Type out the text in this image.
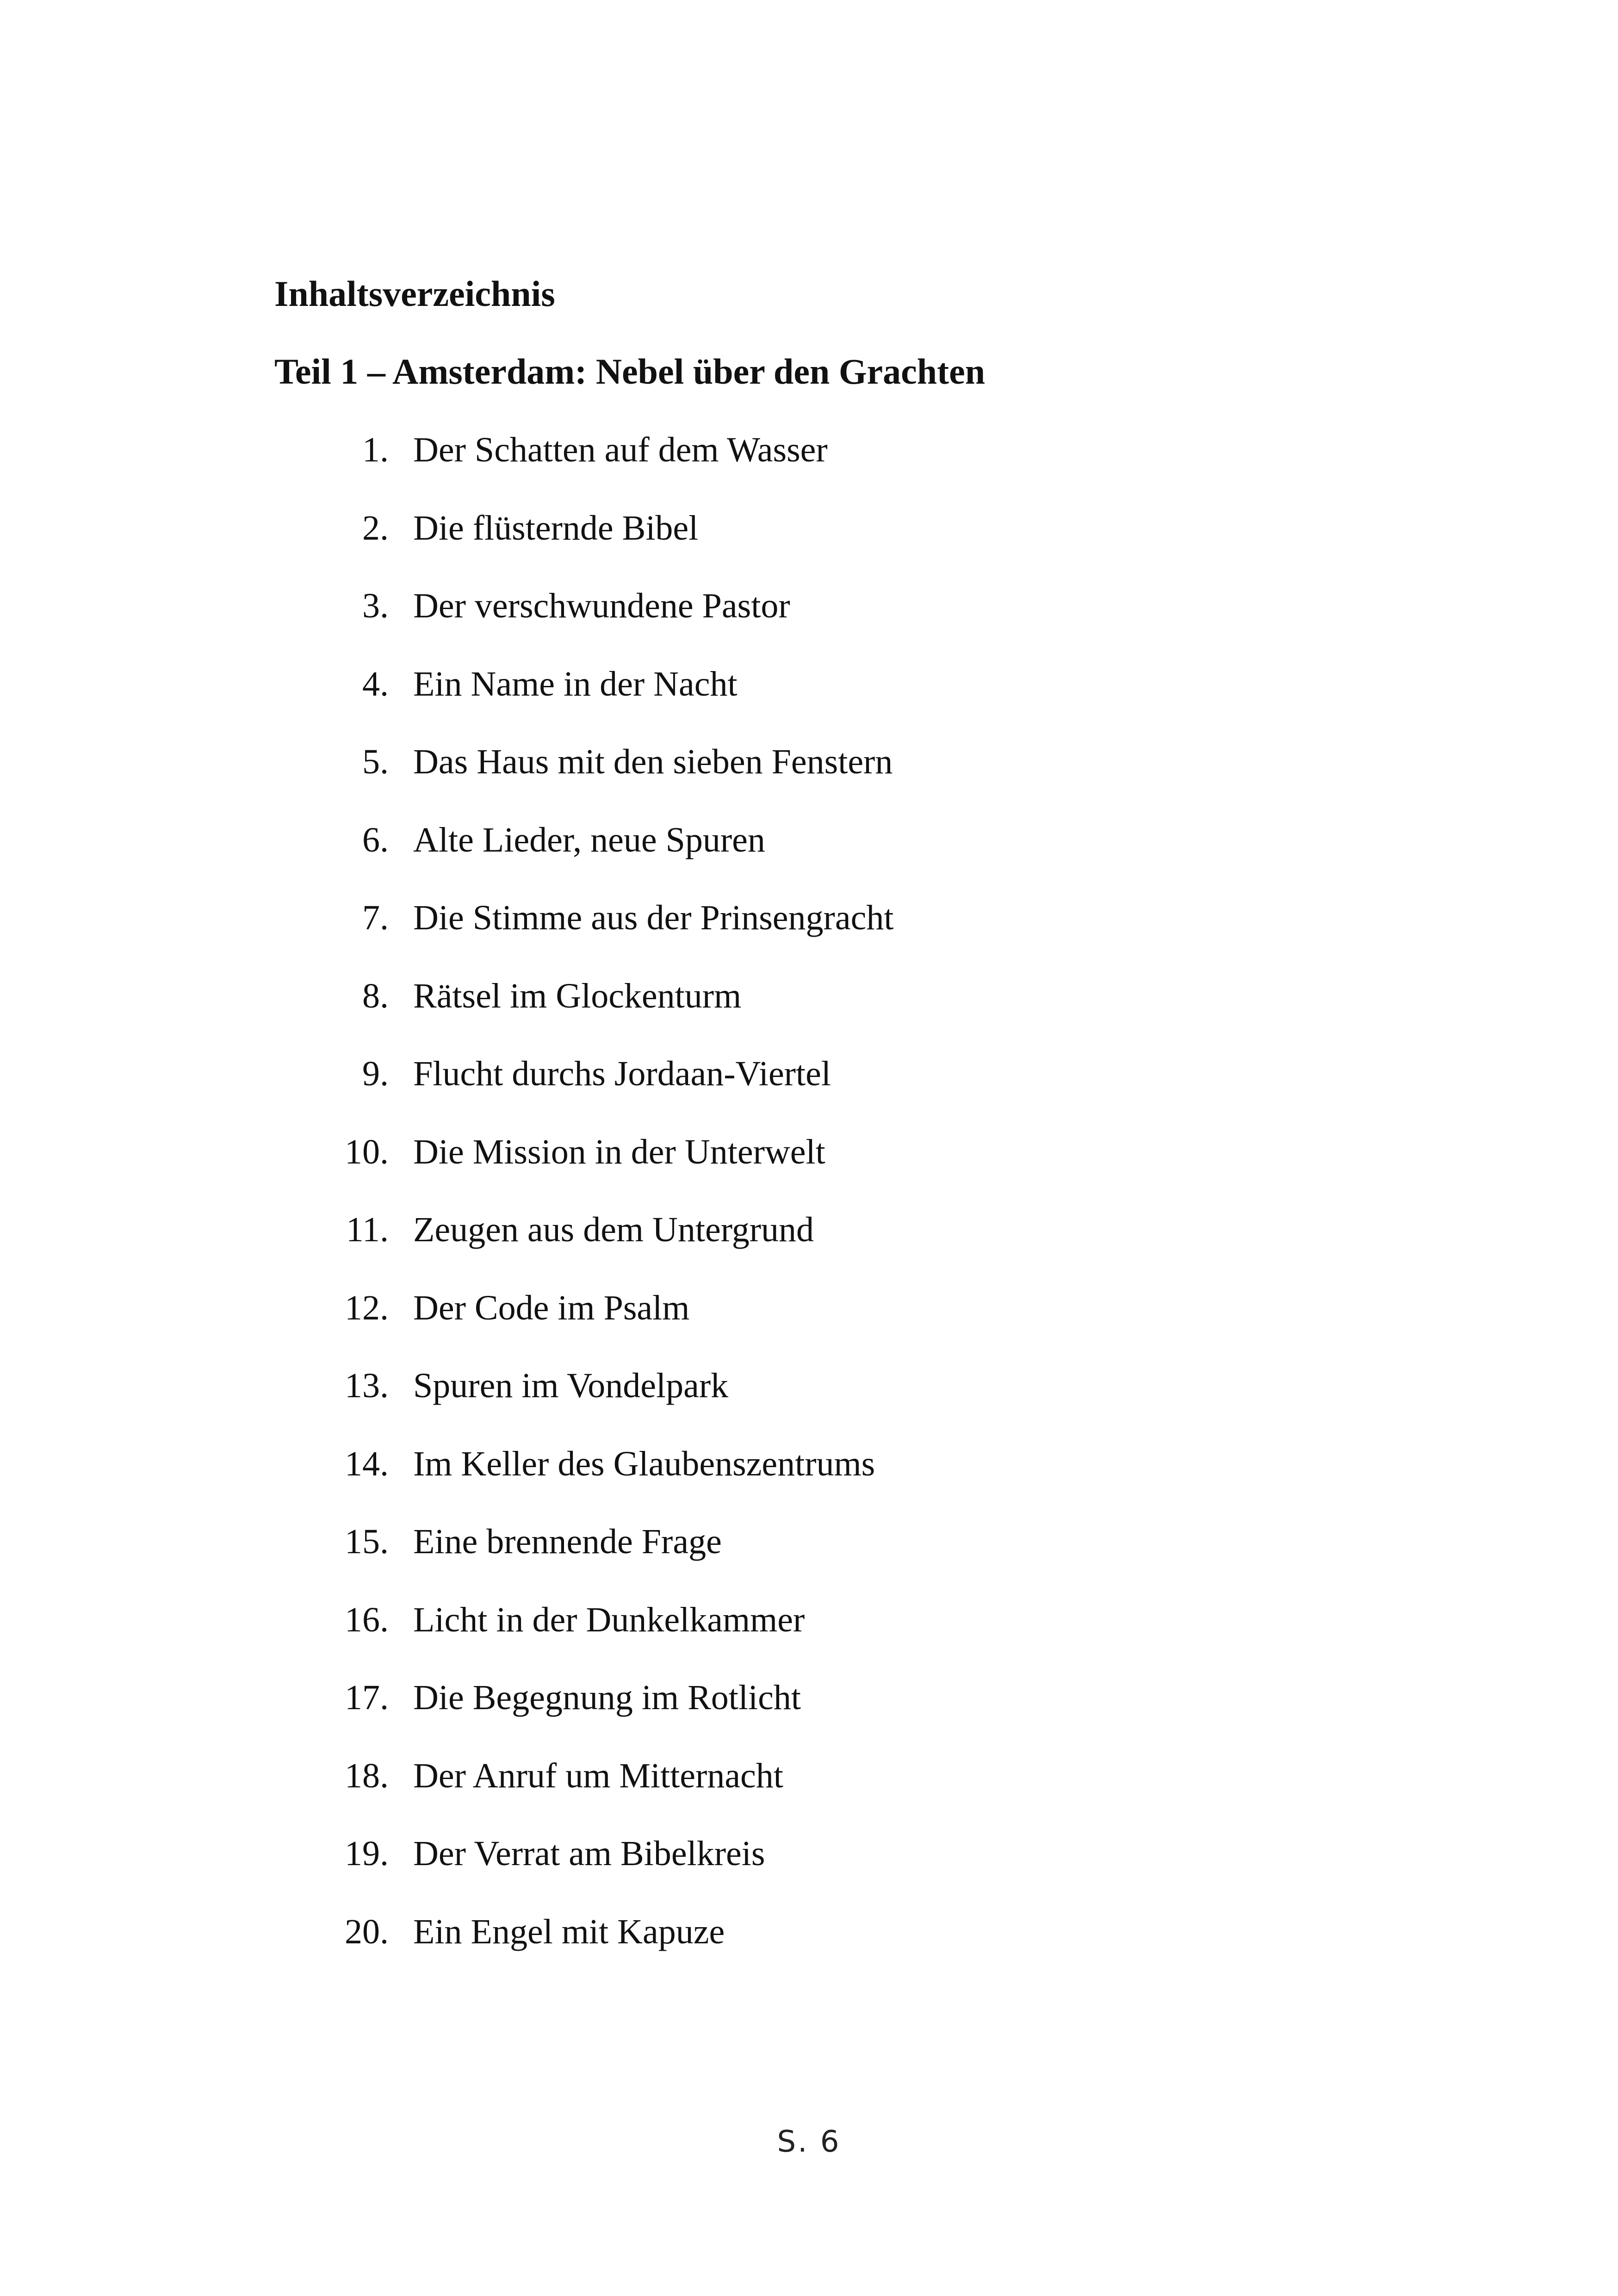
Inhaltsverzeichnis
Teil 1 – Amsterdam: Nebel über den Grachten
1. Der Schatten auf dem Wasser
2. Die flüsternde Bibel
3. Der verschwundene Pastor
4. Ein Name in der Nacht
5. Das Haus mit den sieben Fenstern
6. Alte Lieder, neue Spuren
7. Die Stimme aus der Prinsengracht
8. Rätsel im Glockenturm
9. Flucht durchs Jordaan-Viertel
10. Die Mission in der Unterwelt
11. Zeugen aus dem Untergrund
12. Der Code im Psalm
13. Spuren im Vondelpark
14. Im Keller des Glaubenszentrums
15. Eine brennende Frage
16. Licht in der Dunkelkammer
17. Die Begegnung im Rotlicht
18. Der Anruf um Mitternacht
19. Der Verrat am Bibelkreis
20. Ein Engel mit Kapuze
S. 6
